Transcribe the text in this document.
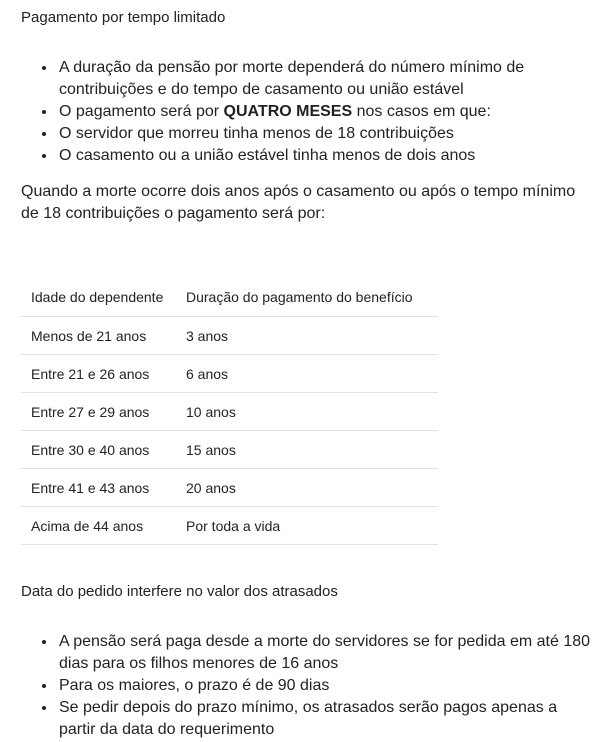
Pagamento por tempo limitado
• A duração da pensão por morte dependerá do número mínimo de contribuições e do tempo de casamento ou união estável
• O pagamento será por QUATRO MESES nos casos em que:
• O servidor que morreu tinha menos de 18 contribuições
• O casamento ou a união estável tinha menos de dois anos

Quando a morte ocorre dois anos após o casamento ou após o tempo mínimo de 18 contribuições o pagamento será por:

Idade do dependente	Duração do pagamento do benefício
Menos de 21 anos	3 anos
Entre 21 e 26 anos	6 anos
Entre 27 e 29 anos	10 anos
Entre 30 e 40 anos	15 anos
Entre 41 e 43 anos	20 anos
Acima de 44 anos	Por toda a vida
Data do pedido interfere no valor dos atrasados
• A pensão será paga desde a morte do servidores se for pedida em até 180 dias para os filhos menores de 16 anos
• Para os maiores, o prazo é de 90 dias
• Se pedir depois do prazo mínimo, os atrasados serão pagos apenas a partir da data do requerimento
